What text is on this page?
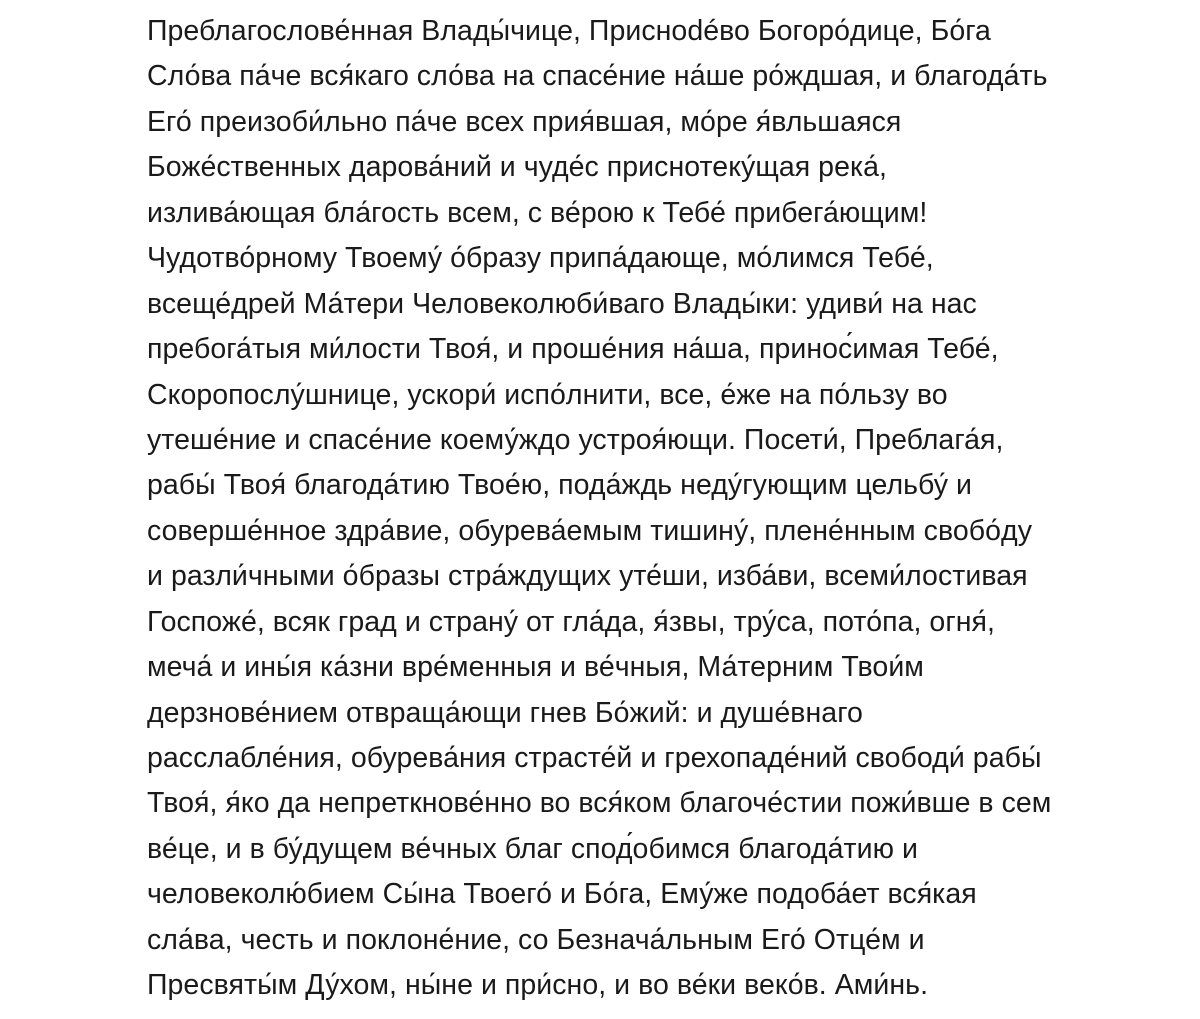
Преблагослове́нная Влады́чице, Приснodéво Богоро́дице, Бо́га
Сло́ва па́че вся́каго сло́ва на спасе́ние на́ше ро́ждшая, и благода́ть
Его́ преизоби́льно па́че всех прия́вшая, мо́ре я́вльшаяся
Боже́ственных дарова́ний и чуде́с приснотеку́щая река́,
излива́ющая бла́гость всем, с ве́рою к Тебе́ прибега́ющим!
Чудотво́рному Твоему́ о́бразу припа́дающе, мо́лимся Тебе́,
всеще́дрей Ма́тери Человеколюби́ваго Влады́ки: удиви́ на нас
пребога́тыя ми́лости Твоя́, и проше́ния на́ша, принос́имая Тебе́,
Скоропослу́шнице, ускори́ испо́лнити, все, е́же на по́льзу во
утеше́ние и спасе́ние коему́ждо устроя́ющи. Посети́, Преблага́я,
рабы́ Твоя́ благода́тию Твое́ю, пода́ждь неду́гующим цельбу́ и
соверше́нное здра́вие, обурева́емым тишину́, плене́нным свобо́ду
и разли́чными о́бразы стра́ждущих уте́ши, изба́ви, всеми́лостивая
Госпоже́, всяк град и страну́ от гла́да, я́звы, тру́са, пото́па, огня́,
меча́ и ины́я ка́зни вре́менныя и ве́чныя, Ма́терним Твои́м
дерзнове́нием отвраща́ющи гнев Бо́жий: и душе́внаго
расслабле́ния, обурева́ния страсте́й и грехопаде́ний свободи́ рабы́
Твоя́, я́ко да непреткнове́нно во вся́ком благоче́стии пожи́вше в сем
ве́це, и в бу́дущем ве́чных благ спод́обимся благода́тию и
человеколю́бием Сы́на Твоего́ и Бо́га, Ему́же подоба́ет вся́кая
сла́ва, честь и поклоне́ние, со Безнача́льным Его́ Отце́м и
Пресвяты́м Ду́хом, ны́не и при́сно, и во ве́ки веко́в. Ами́нь.
